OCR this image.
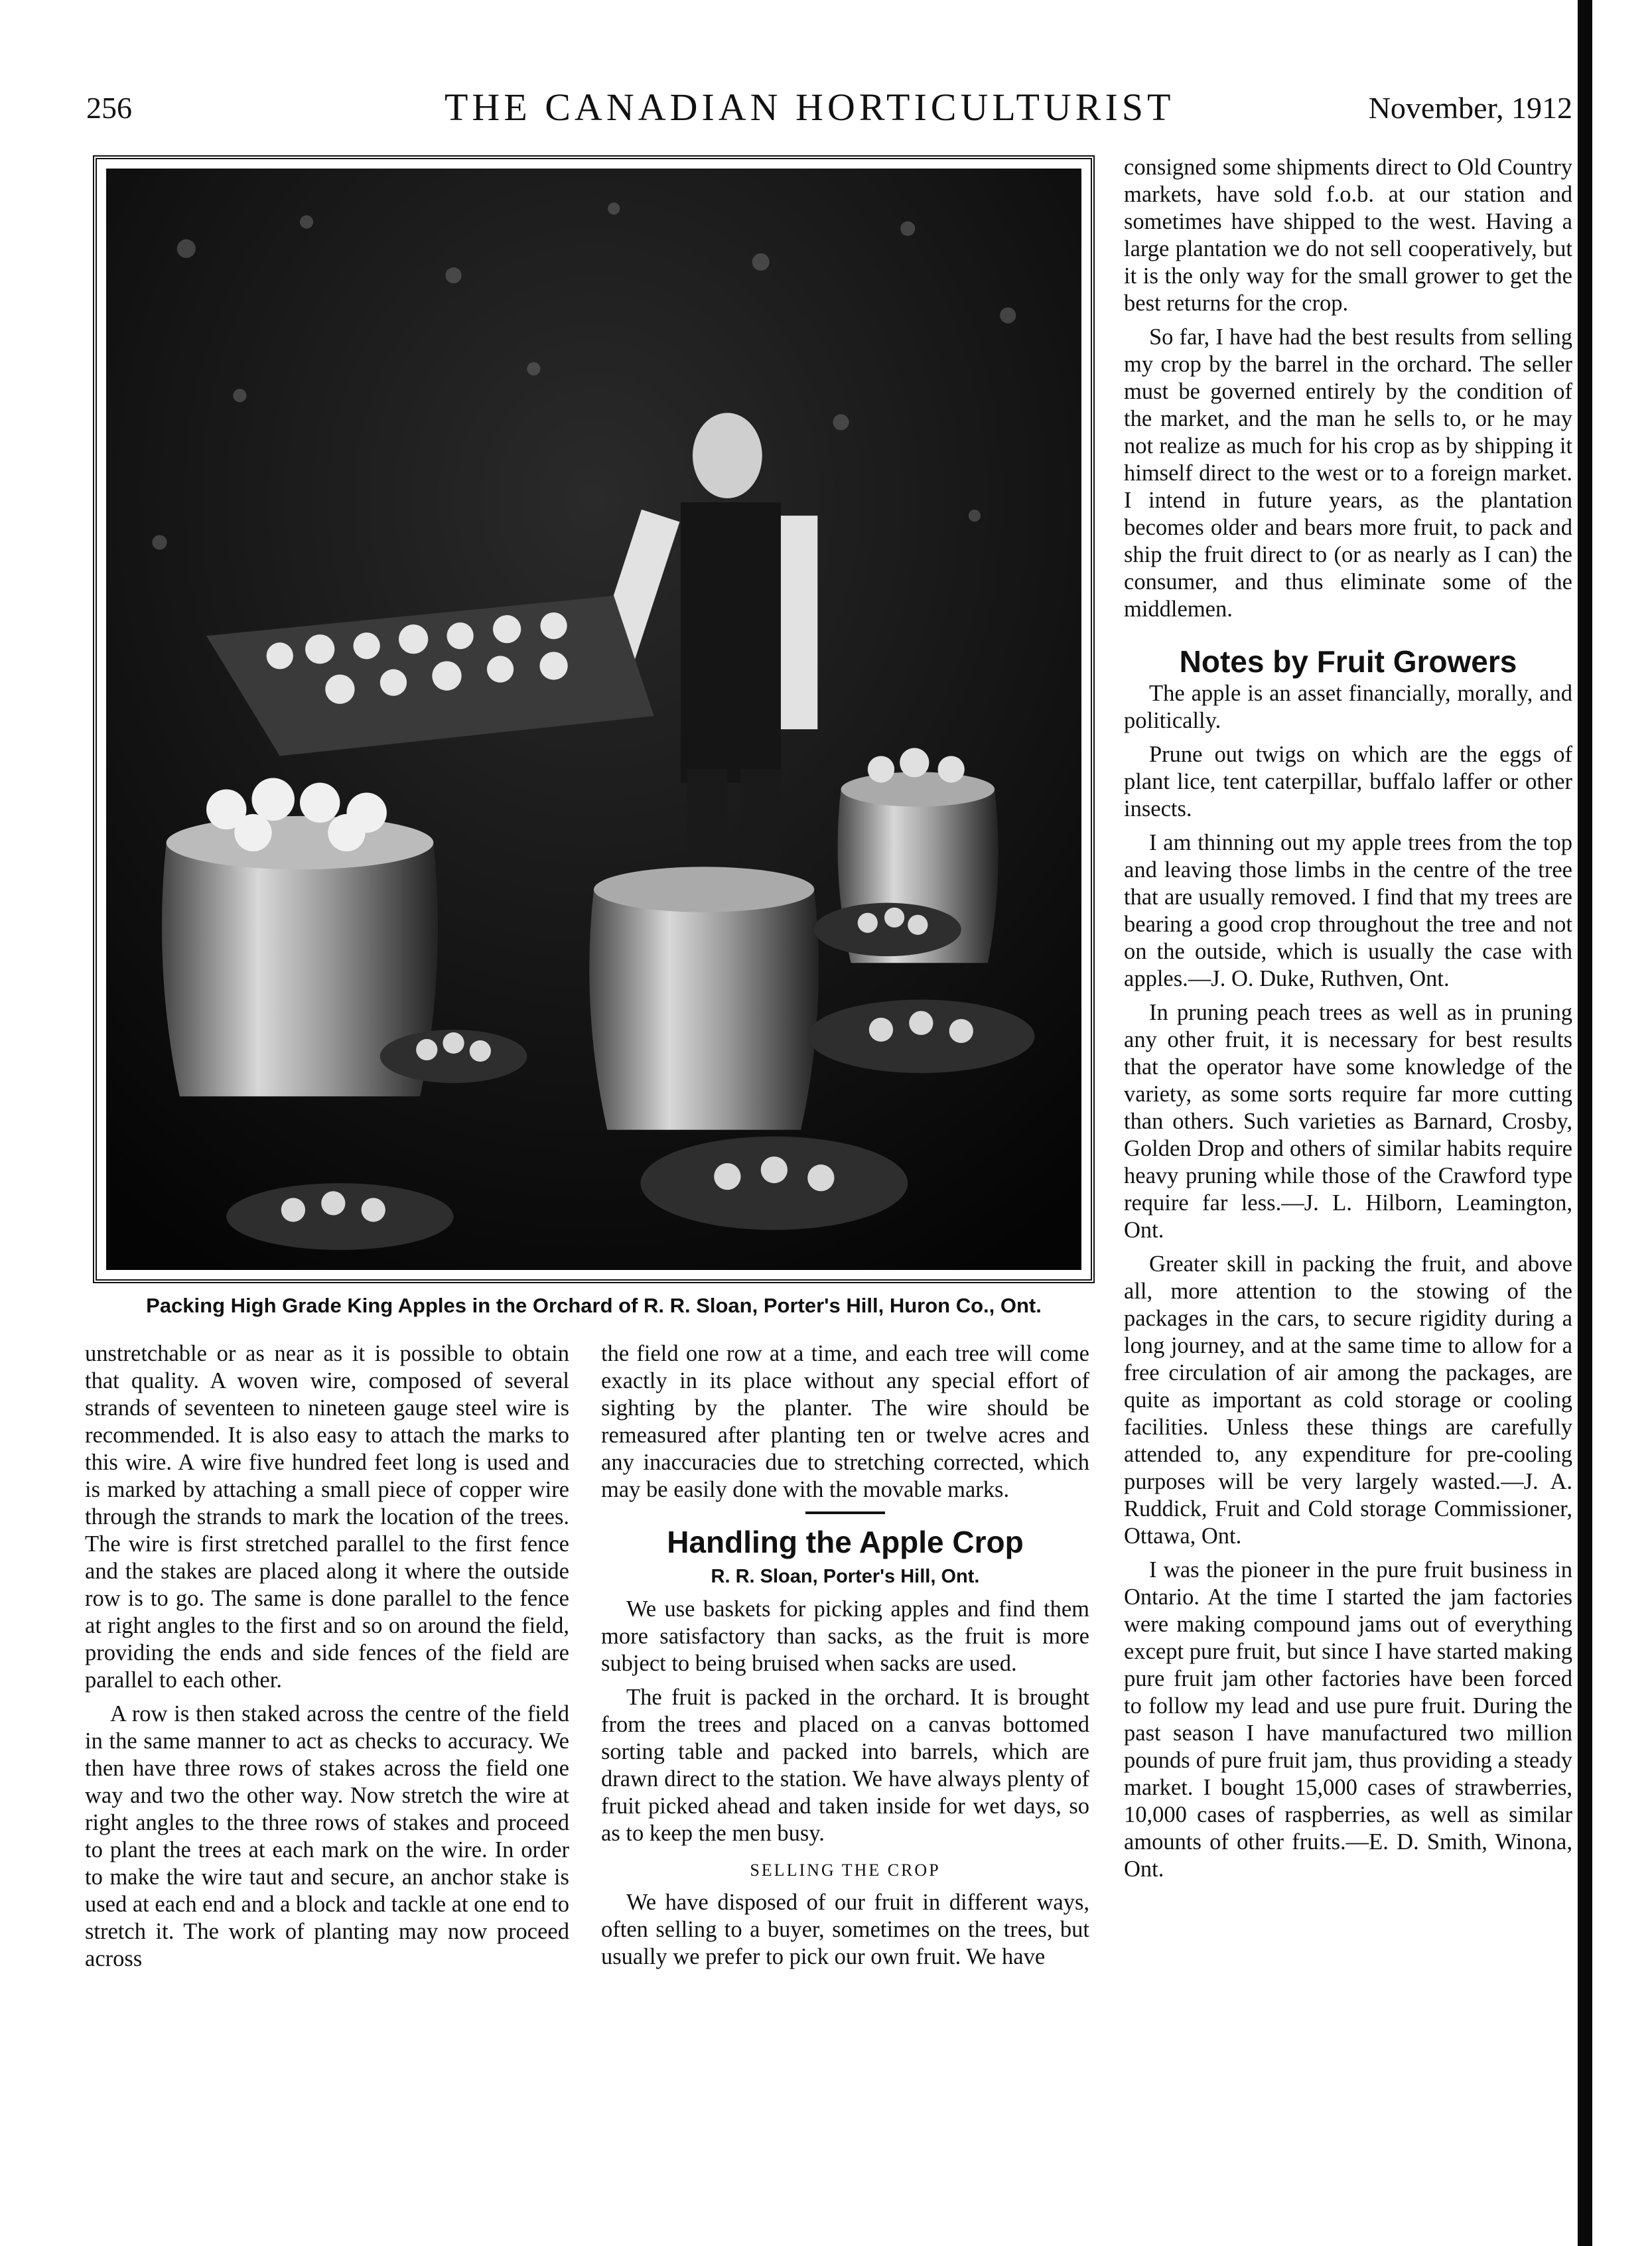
256	THE CANADIAN HORTICULTURIST	November, 1912
Packing High Grade King Apples in the Orchard of R. R. Sloan, Porter's Hill, Huron Co., Ont.

unstretchable or as near as it is possible to obtain that quality. A woven wire, composed of several strands of seventeen to nineteen gauge steel wire is recommended. It is also easy to attach the marks to this wire. A wire five hundred feet long is used and is marked by attaching a small piece of copper wire through the strands to mark the location of the trees. The wire is first stretched parallel to the first fence and the stakes are placed along it where the outside row is to go. The same is done parallel to the fence at right angles to the first and so on around the field, providing the ends and side fences of the field are parallel to each other.

A row is then staked across the centre of the field in the same manner to act as checks to accuracy. We then have three rows of stakes across the field one way and two the other way. Now stretch the wire at right angles to the three rows of stakes and proceed to plant the trees at each mark on the wire. In order to make the wire taut and secure, an anchor stake is used at each end and a block and tackle at one end to stretch it. The work of planting may now proceed across

the field one row at a time, and each tree will come exactly in its place without any special effort of sighting by the planter. The wire should be remeasured after planting ten or twelve acres and any inaccuracies due to stretching corrected, which may be easily done with the movable marks.

Handling the Apple Crop
R. R. Sloan, Porter's Hill, Ont.

We use baskets for picking apples and find them more satisfactory than sacks, as the fruit is more subject to being bruised when sacks are used.

The fruit is packed in the orchard. It is brought from the trees and placed on a canvas bottomed sorting table and packed into barrels, which are drawn direct to the station. We have always plenty of fruit picked ahead and taken inside for wet days, so as to keep the men busy.

SELLING THE CROP

We have disposed of our fruit in different ways, often selling to a buyer, sometimes on the trees, but usually we prefer to pick our own fruit. We have

consigned some shipments direct to Old Country markets, have sold f.o.b. at our station and sometimes have shipped to the west. Having a large plantation we do not sell cooperatively, but it is the only way for the small grower to get the best returns for the crop.

So far, I have had the best results from selling my crop by the barrel in the orchard. The seller must be governed entirely by the condition of the market, and the man he sells to, or he may not realize as much for his crop as by shipping it himself direct to the west or to a foreign market. I intend in future years, as the plantation becomes older and bears more fruit, to pack and ship the fruit direct to (or as nearly as I can) the consumer, and thus eliminate some of the middlemen.

Notes by Fruit Growers

The apple is an asset financially, morally, and politically.

Prune out twigs on which are the eggs of plant lice, tent caterpillar, buffalo laffer or other insects.

I am thinning out my apple trees from the top and leaving those limbs in the centre of the tree that are usually removed. I find that my trees are bearing a good crop throughout the tree and not on the outside, which is usually the case with apples.—J. O. Duke, Ruthven, Ont.

In pruning peach trees as well as in pruning any other fruit, it is necessary for best results that the operator have some knowledge of the variety, as some sorts require far more cutting than others. Such varieties as Barnard, Crosby, Golden Drop and others of similar habits require heavy pruning while those of the Crawford type require far less.—J. L. Hilborn, Leamington, Ont.

Greater skill in packing the fruit, and above all, more attention to the stowing of the packages in the cars, to secure rigidity during a long journey, and at the same time to allow for a free circulation of air among the packages, are quite as important as cold storage or cooling facilities. Unless these things are carefully attended to, any expenditure for pre-cooling purposes will be very largely wasted.—J. A. Ruddick, Fruit and Cold storage Commissioner, Ottawa, Ont.

I was the pioneer in the pure fruit business in Ontario. At the time I started the jam factories were making compound jams out of everything except pure fruit, but since I have started making pure fruit jam other factories have been forced to follow my lead and use pure fruit. During the past season I have manufactured two million pounds of pure fruit jam, thus providing a steady market. I bought 15,000 cases of strawberries, 10,000 cases of raspberries, as well as similar amounts of other fruits.—E. D. Smith, Winona, Ont.
